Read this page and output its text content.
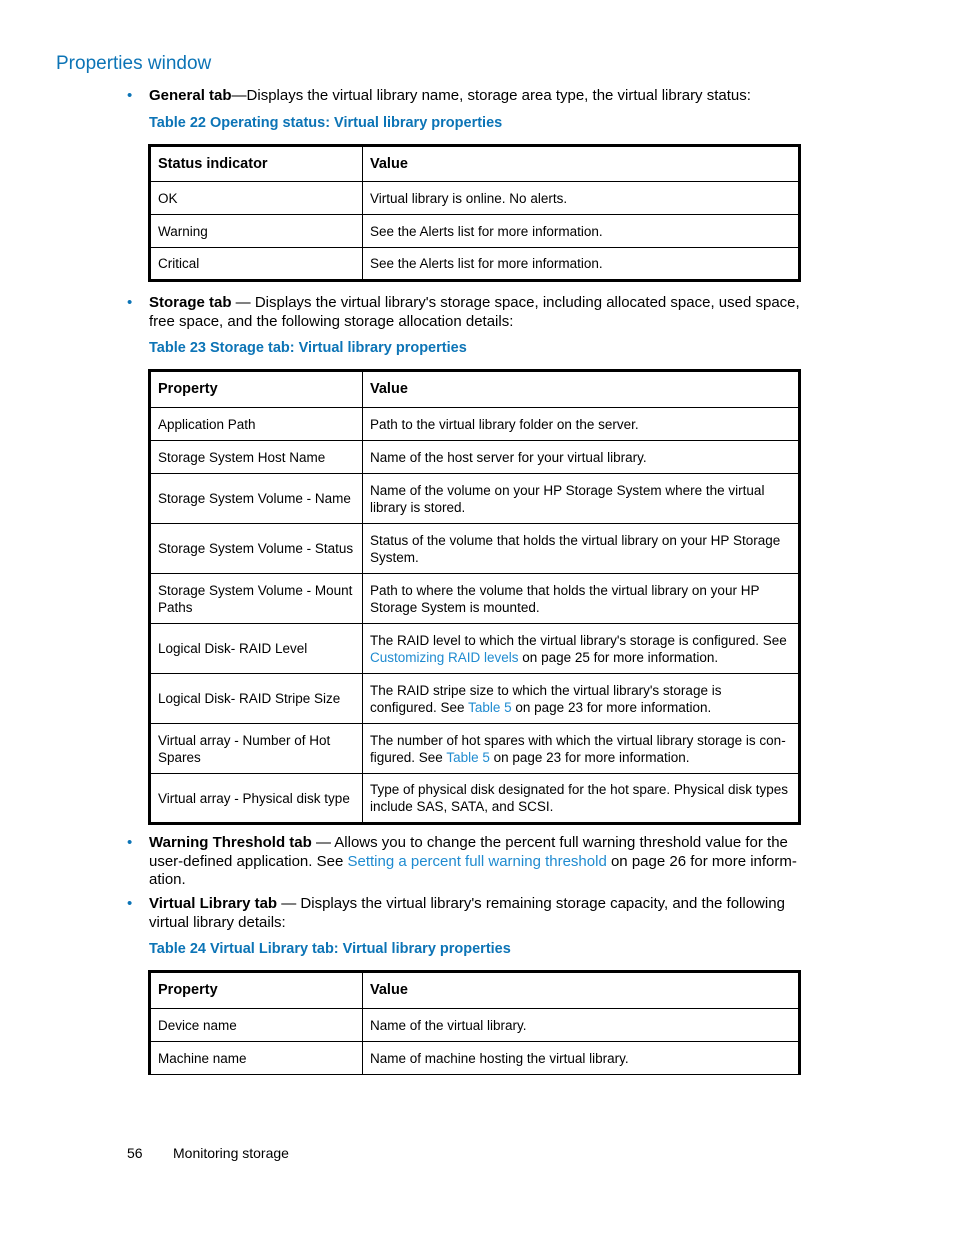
Properties window
• General tab—Displays the virtual library name, storage area type, the virtual library status:
Table 22 Operating status: Virtual library properties
Status indicator	Value
OK	Virtual library is online. No alerts.
Warning	See the Alerts list for more information.
Critical	See the Alerts list for more information.
• Storage tab — Displays the virtual library's storage space, including allocated space, used space, free space, and the following storage allocation details:
Table 23 Storage tab: Virtual library properties
Property	Value
Application Path	Path to the virtual library folder on the server.
Storage System Host Name	Name of the host server for your virtual library.
Storage System Volume - Name	Name of the volume on your HP Storage System where the virtual library is stored.
Storage System Volume - Status	Status of the volume that holds the virtual library on your HP Storage System.
Storage System Volume - Mount Paths	Path to where the volume that holds the virtual library on your HP Storage System is mounted.
Logical Disk- RAID Level	The RAID level to which the virtual library's storage is configured. See Customizing RAID levels on page 25 for more information.
Logical Disk- RAID Stripe Size	The RAID stripe size to which the virtual library's storage is configured. See Table 5 on page 23 for more information.
Virtual array - Number of Hot Spares	The number of hot spares with which the virtual library storage is con-figured. See Table 5 on page 23 for more information.
Virtual array - Physical disk type	Type of physical disk designated for the hot spare. Physical disk types include SAS, SATA, and SCSI.
• Warning Threshold tab — Allows you to change the percent full warning threshold value for the user-defined application. See Setting a percent full warning threshold on page 26 for more inform-ation.
• Virtual Library tab — Displays the virtual library's remaining storage capacity, and the following virtual library details:
Table 24 Virtual Library tab: Virtual library properties
Property	Value
Device name	Name of the virtual library.
Machine name	Name of machine hosting the virtual library.
56 Monitoring storage
